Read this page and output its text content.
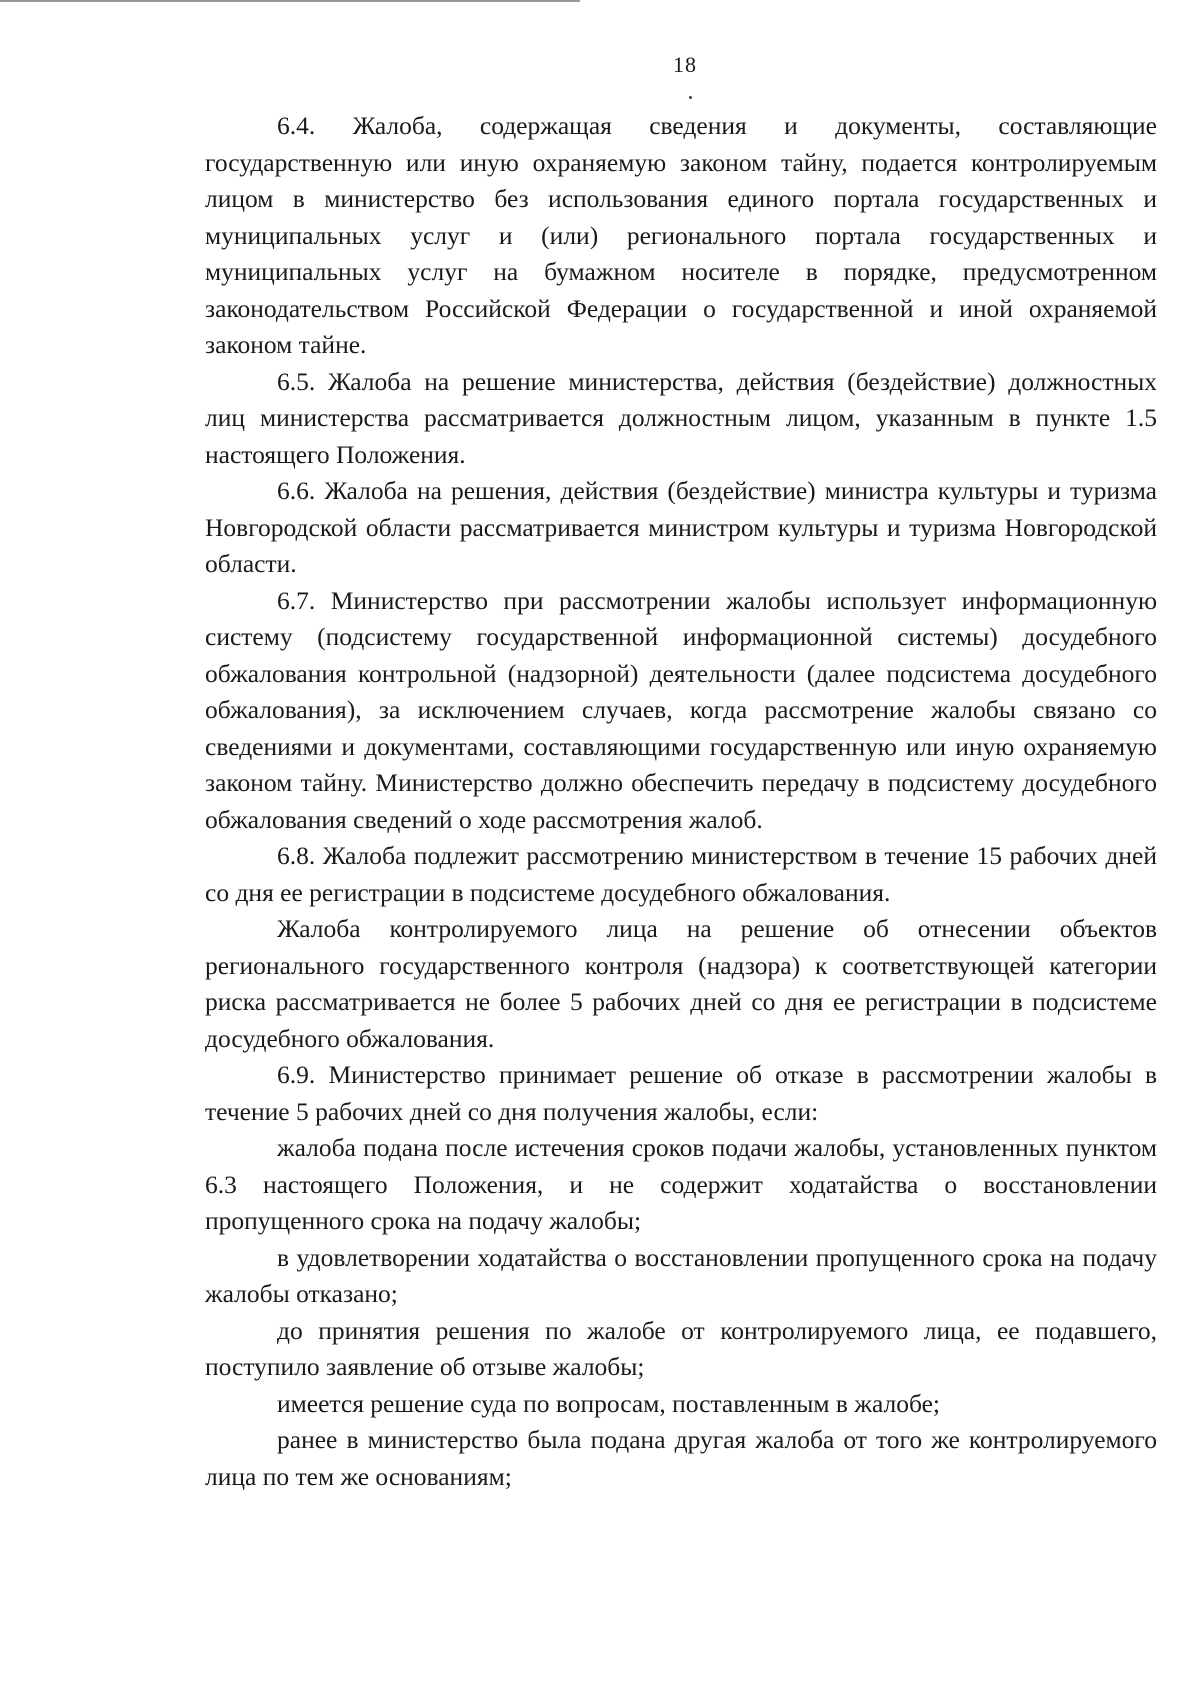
18

6.4. Жалоба, содержащая сведения и документы, составляющие государственную или иную охраняемую законом тайну, подается контролируемым лицом в министерство без использования единого портала государственных и муниципальных услуг и (или) регионального портала государственных и муниципальных услуг на бумажном носителе в порядке, предусмотренном законодательством Российской Федерации о государственной и иной охраняемой законом тайне.

6.5. Жалоба на решение министерства, действия (бездействие) должностных лиц министерства рассматривается должностным лицом, указанным в пункте 1.5 настоящего Положения.

6.6. Жалоба на решения, действия (бездействие) министра культуры и туризма Новгородской области рассматривается министром культуры и туризма Новгородской области.

6.7. Министерство при рассмотрении жалобы использует информационную систему (подсистему государственной информационной системы) досудебного обжалования контрольной (надзорной) деятельности (далее подсистема досудебного обжалования), за исключением случаев, когда рассмотрение жалобы связано со сведениями и документами, составляющими государственную или иную охраняемую законом тайну. Министерство должно обеспечить передачу в подсистему досудебного обжалования сведений о ходе рассмотрения жалоб.

6.8. Жалоба подлежит рассмотрению министерством в течение 15 рабочих дней со дня ее регистрации в подсистеме досудебного обжалования.

Жалоба контролируемого лица на решение об отнесении объектов регионального государственного контроля (надзора) к соответствующей категории риска рассматривается не более 5 рабочих дней со дня ее регистрации в подсистеме досудебного обжалования.

6.9. Министерство принимает решение об отказе в рассмотрении жалобы в течение 5 рабочих дней со дня получения жалобы, если:

жалоба подана после истечения сроков подачи жалобы, установленных пунктом 6.3 настоящего Положения, и не содержит ходатайства о восстановлении пропущенного срока на подачу жалобы;

в удовлетворении ходатайства о восстановлении пропущенного срока на подачу жалобы отказано;

до принятия решения по жалобе от контролируемого лица, ее подавшего, поступило заявление об отзыве жалобы;

имеется решение суда по вопросам, поставленным в жалобе;

ранее в министерство была подана другая жалоба от того же контролируемого лица по тем же основаниям;
